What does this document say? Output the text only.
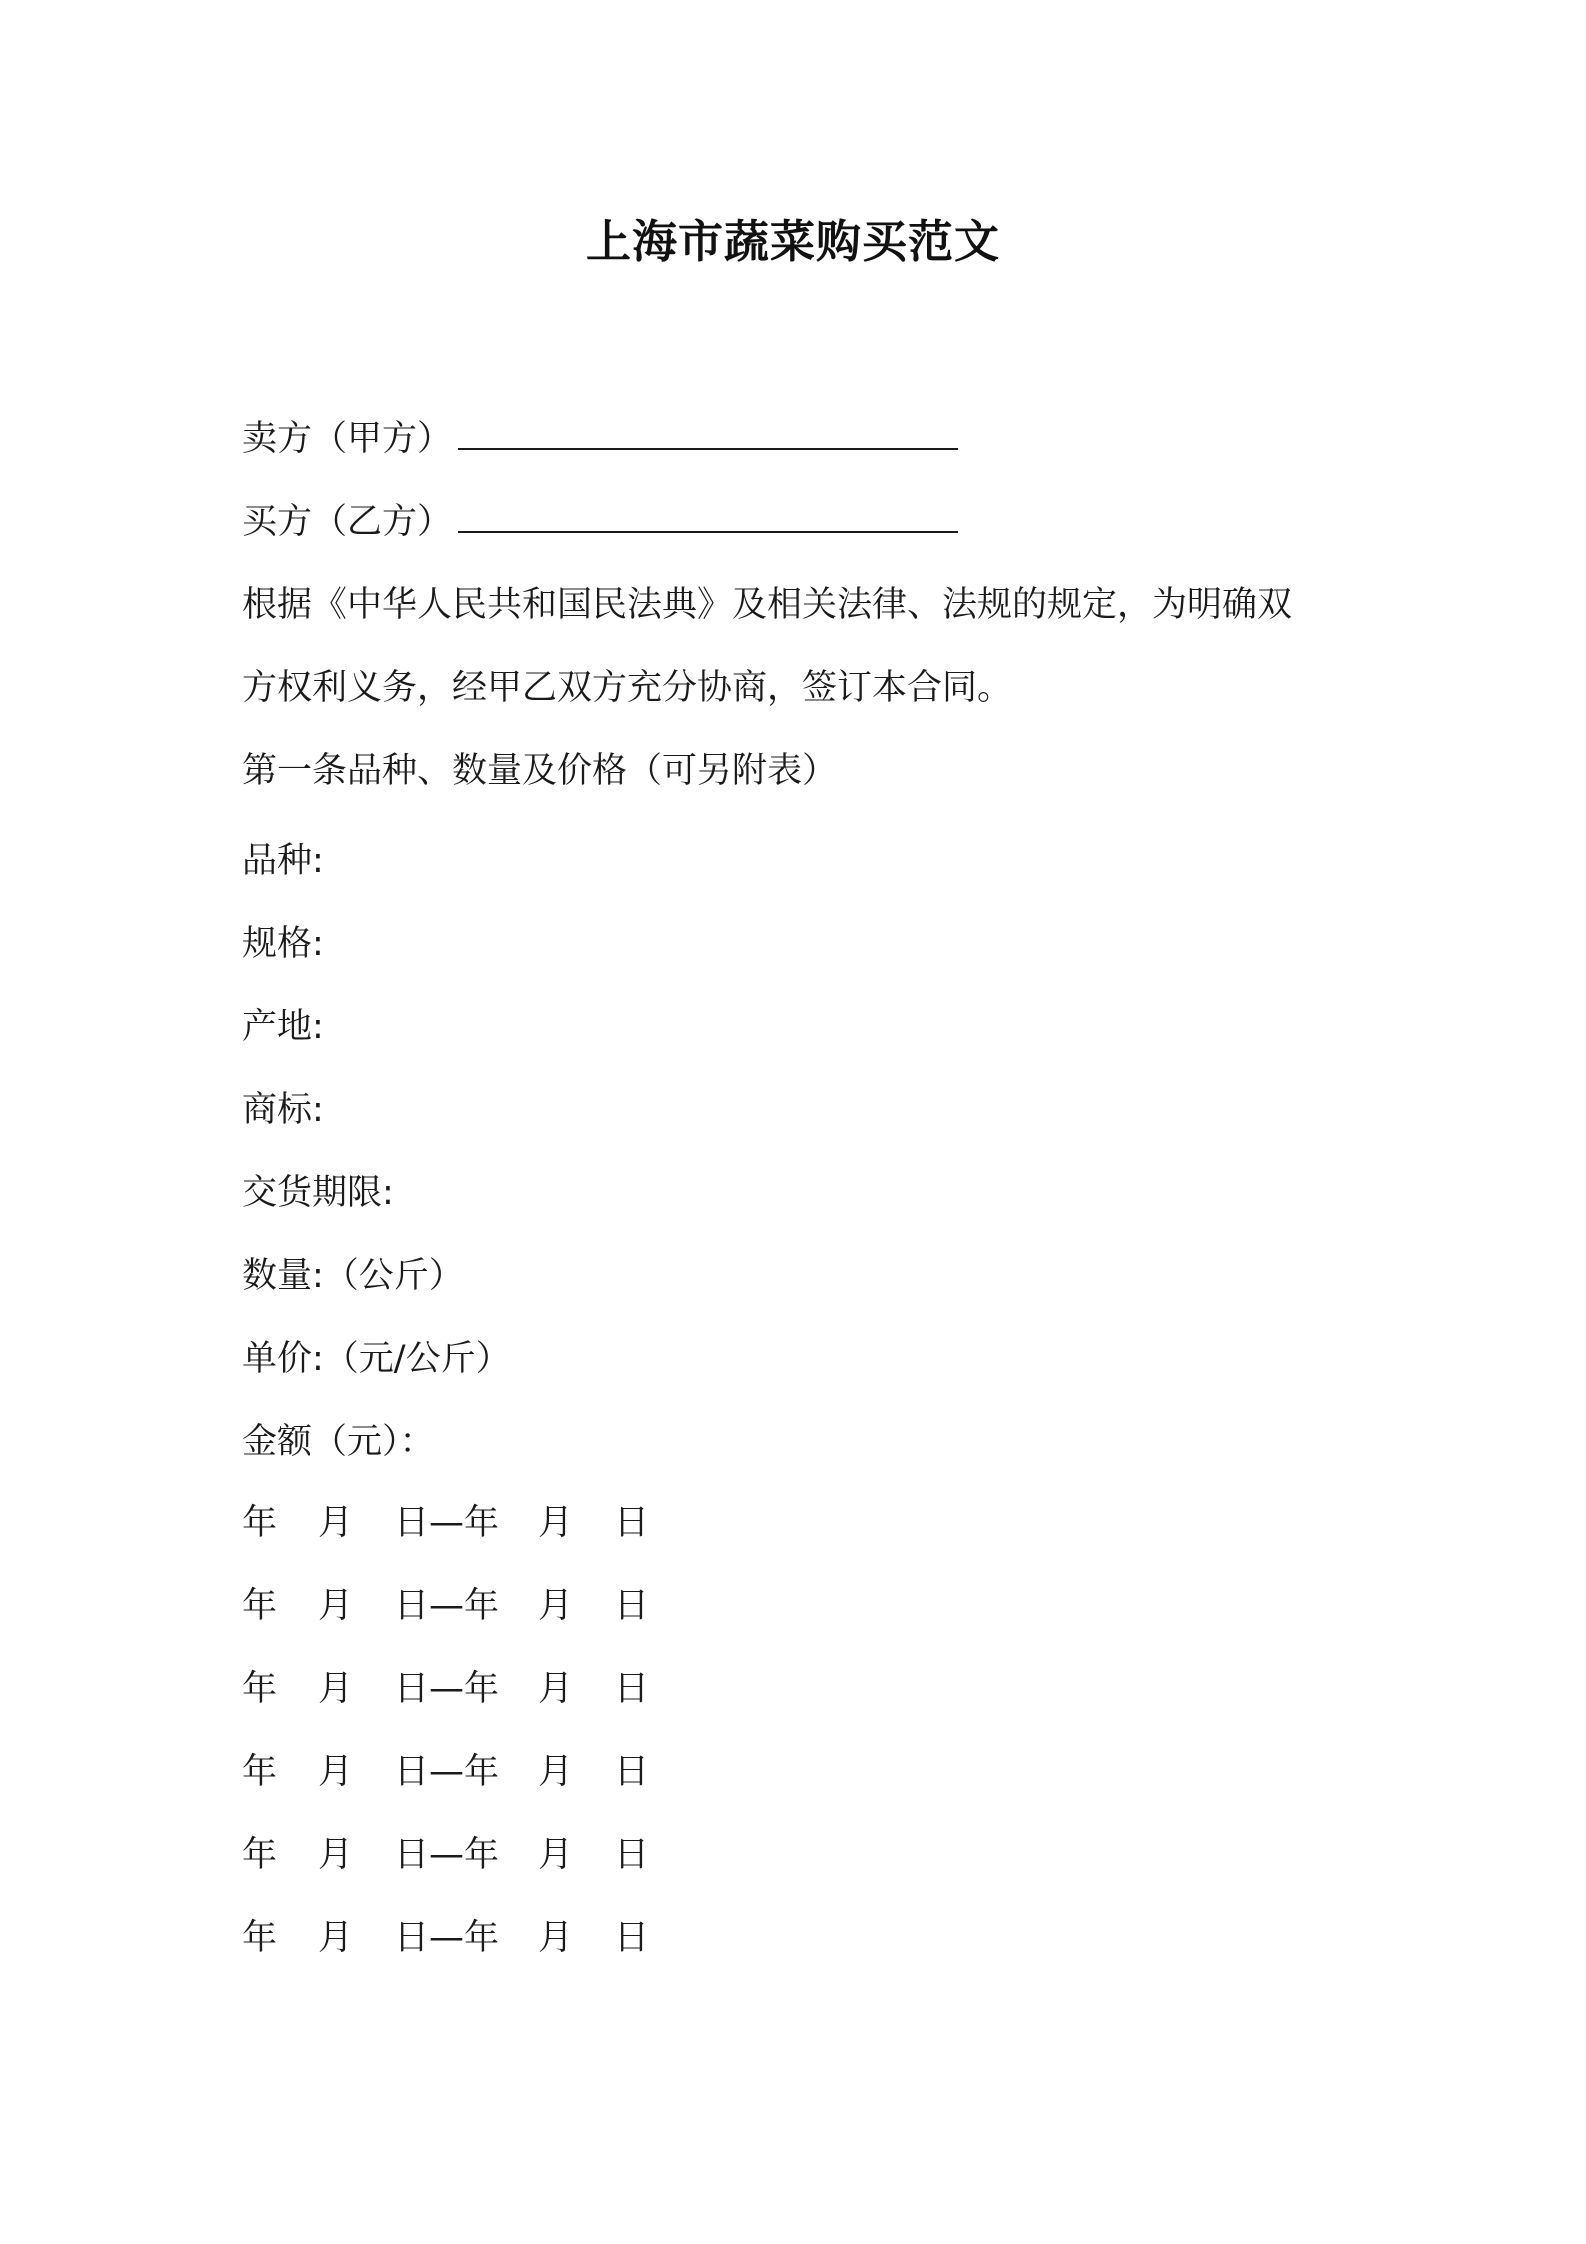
上海市蔬菜购买范文
卖方（甲方）
买方（乙方）
根据《中华人民共和国民法典》及相关法律、法规的规定，为明确双
方权利义务，经甲乙双方充分协商，签订本合同。
第一条品种、数量及价格（可另附表）
品种:
规格:
产地:
商标:
交货期限:
数量:（公斤）
单价:（元/公斤）
金额（元）：
年 月 日—年 月 日
年 月 日—年 月 日
年 月 日—年 月 日
年 月 日—年 月 日
年 月 日—年 月 日
年 月 日—年 月 日
